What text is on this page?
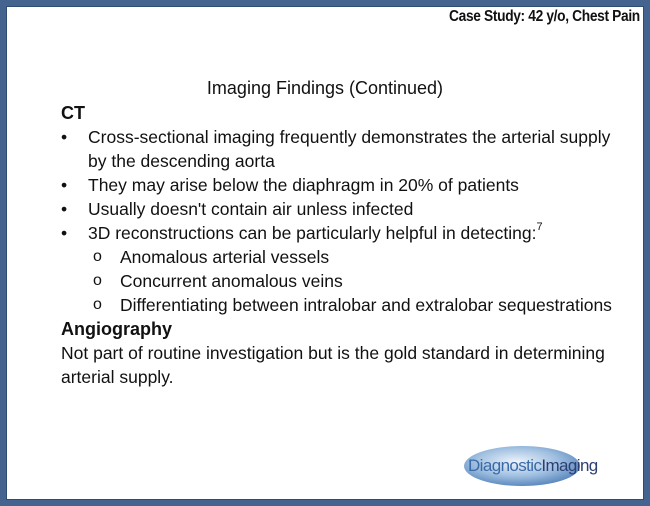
Case Study: 42 y/o, Chest Pain
Imaging Findings (Continued)
CT
• Cross-sectional imaging frequently demonstrates the arterial supply by the descending aorta
• They may arise below the diaphragm in 20% of patients
• Usually doesn't contain air unless infected
• 3D reconstructions can be particularly helpful in detecting:$^7$
o Anomalous arterial vessels
o Concurrent anomalous veins
o Differentiating between intralobar and extralobar sequestrations
Angiography

Not part of routine investigation but is the gold standard in determining arterial supply.

DiagnosticImaging
